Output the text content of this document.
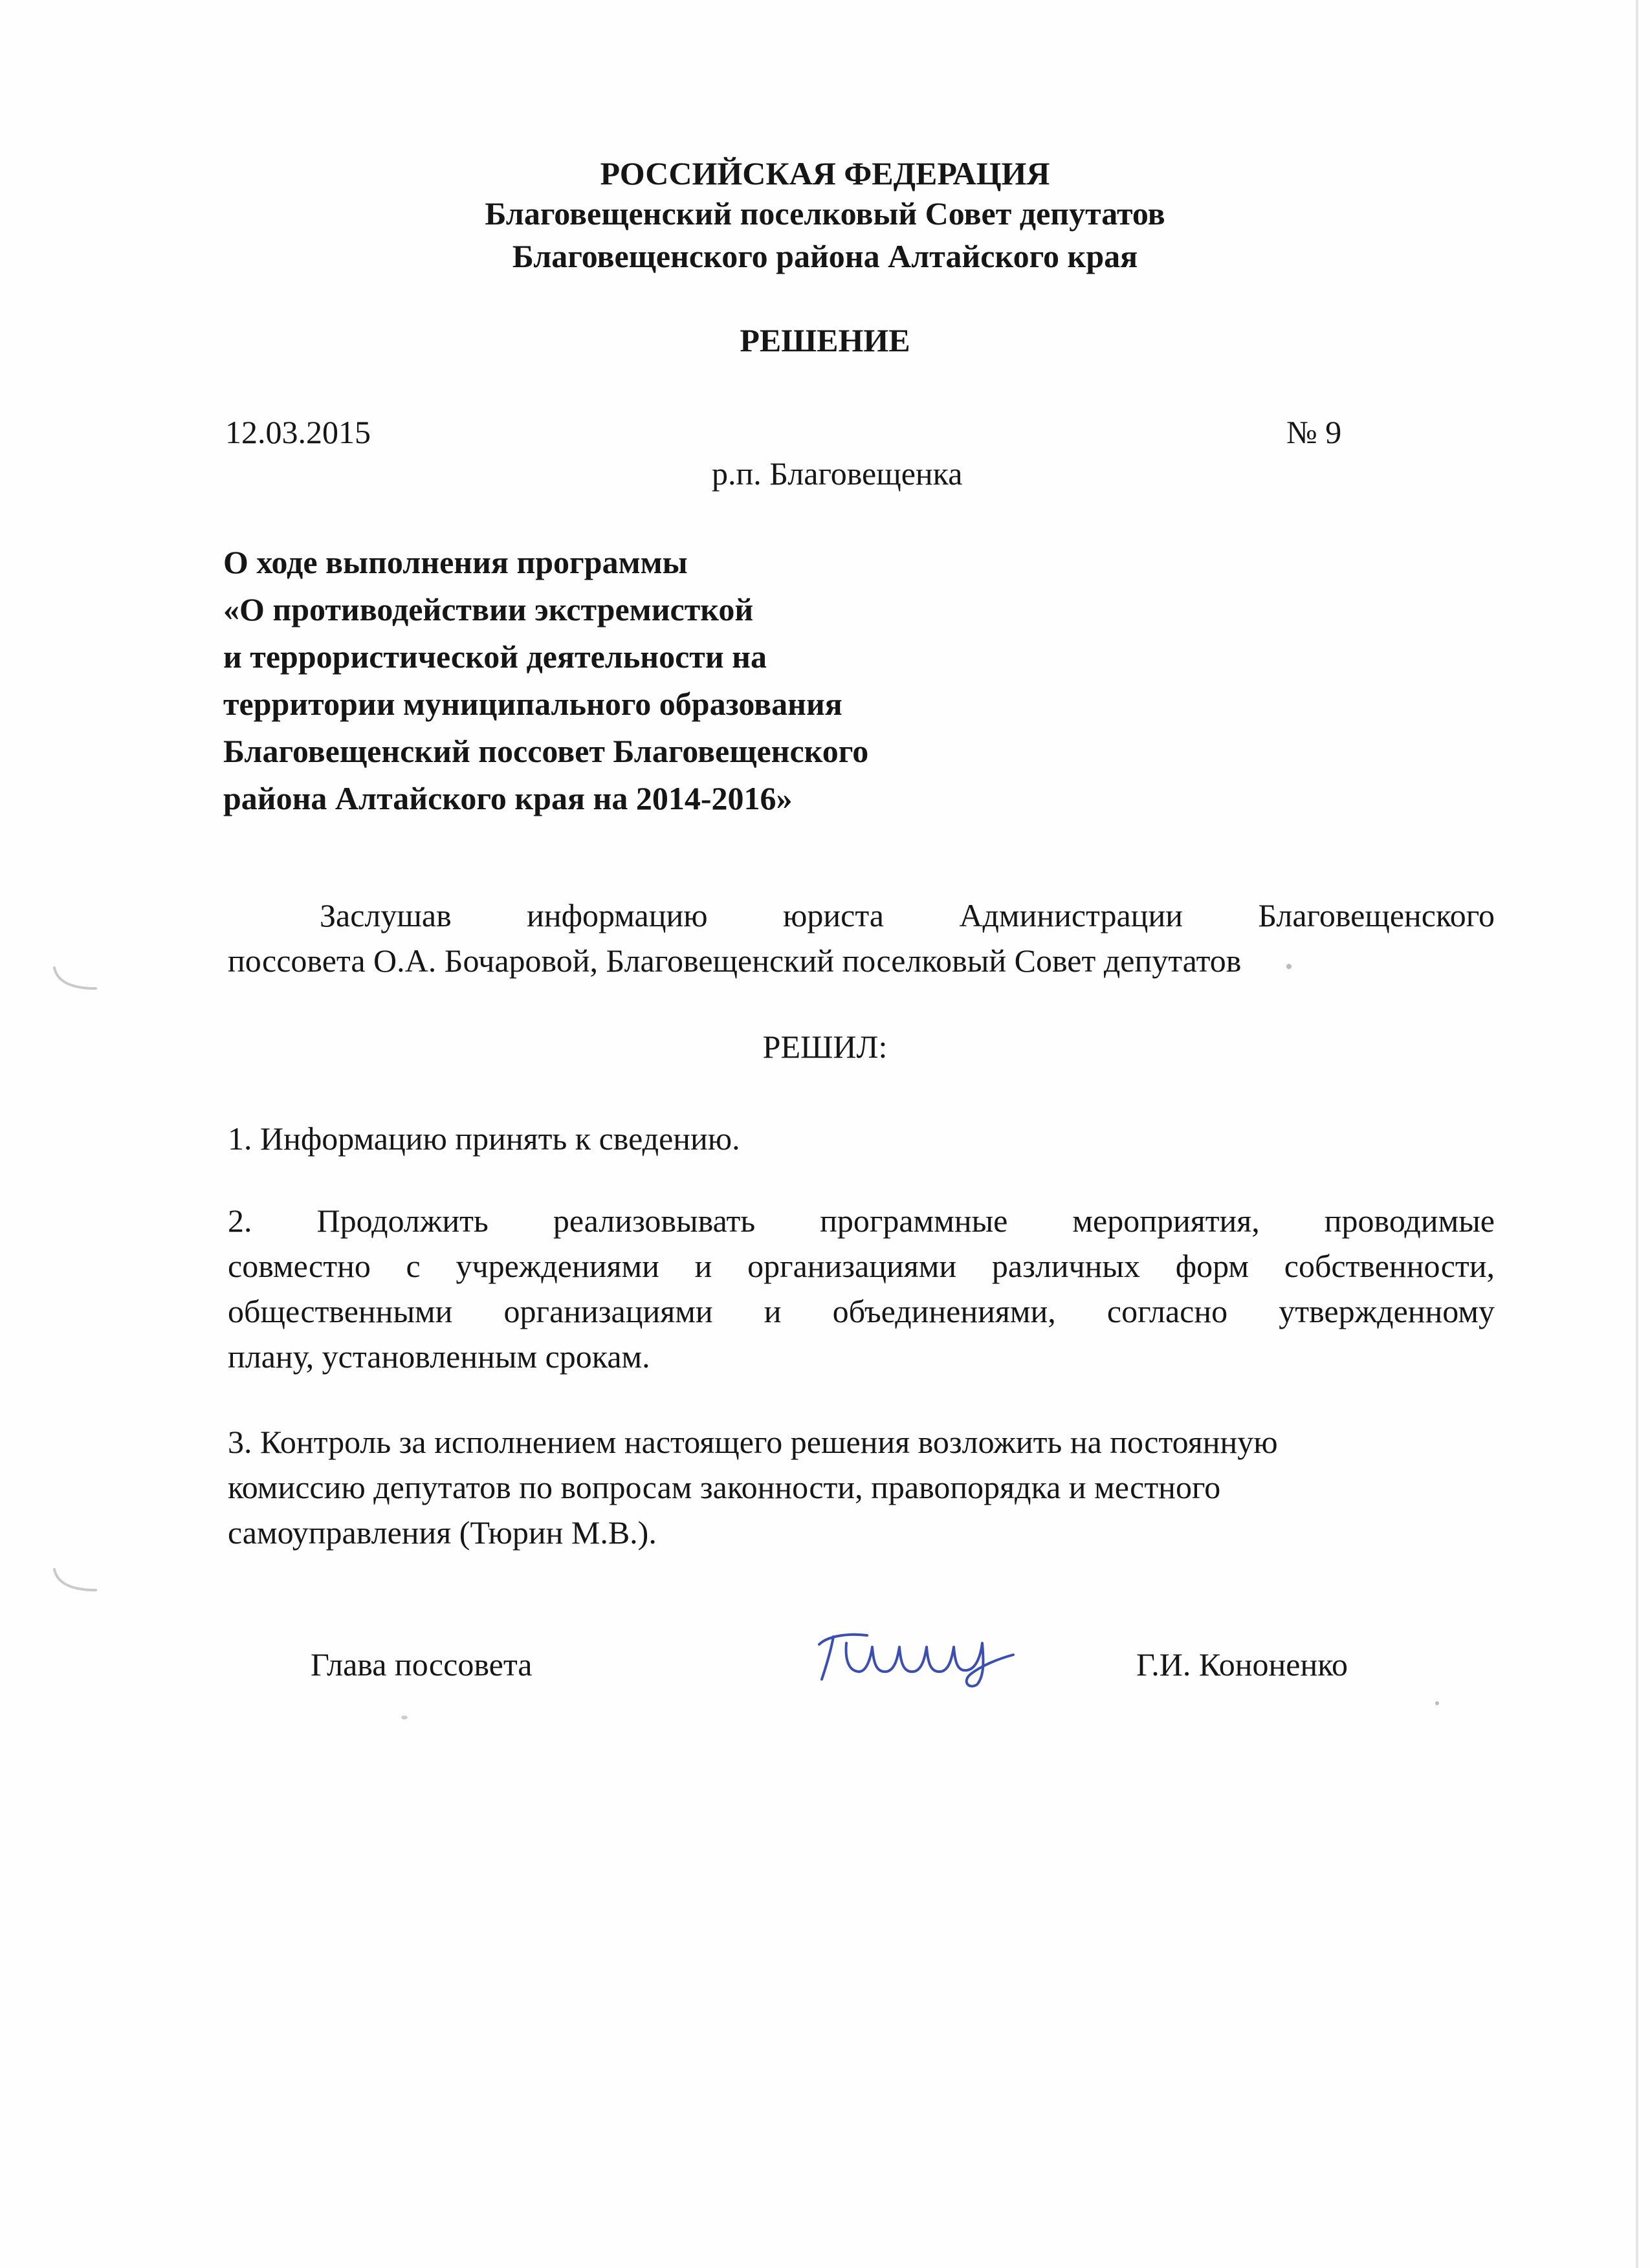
РОССИЙСКАЯ ФЕДЕРАЦИЯ
Благовещенский поселковый Совет депутатов
Благовещенского района Алтайского края
РЕШЕНИЕ
12.03.2015	№ 9
р.п. Благовещенка
О ходе выполнения программы
«О противодействии экстремисткой
и террористической деятельности на
территории муниципального образования
Благовещенский поссовет Благовещенского
района Алтайского края на 2014-2016»
Заслушав информацию юриста Администрации Благовещенского
поссовета О.А. Бочаровой, Благовещенский поселковый Совет депутатов
РЕШИЛ:
1. Информацию принять к сведению.
2. Продолжить реализовывать программные мероприятия, проводимые
совместно с учреждениями и организациями различных форм собственности,
общественными организациями и объединениями, согласно утвержденному
плану, установленным срокам.
3. Контроль за исполнением настоящего решения возложить на постоянную
комиссию депутатов по вопросам законности, правопорядка и местного
самоуправления (Тюрин М.В.).
Глава поссовета	Г.И. Кононенко
